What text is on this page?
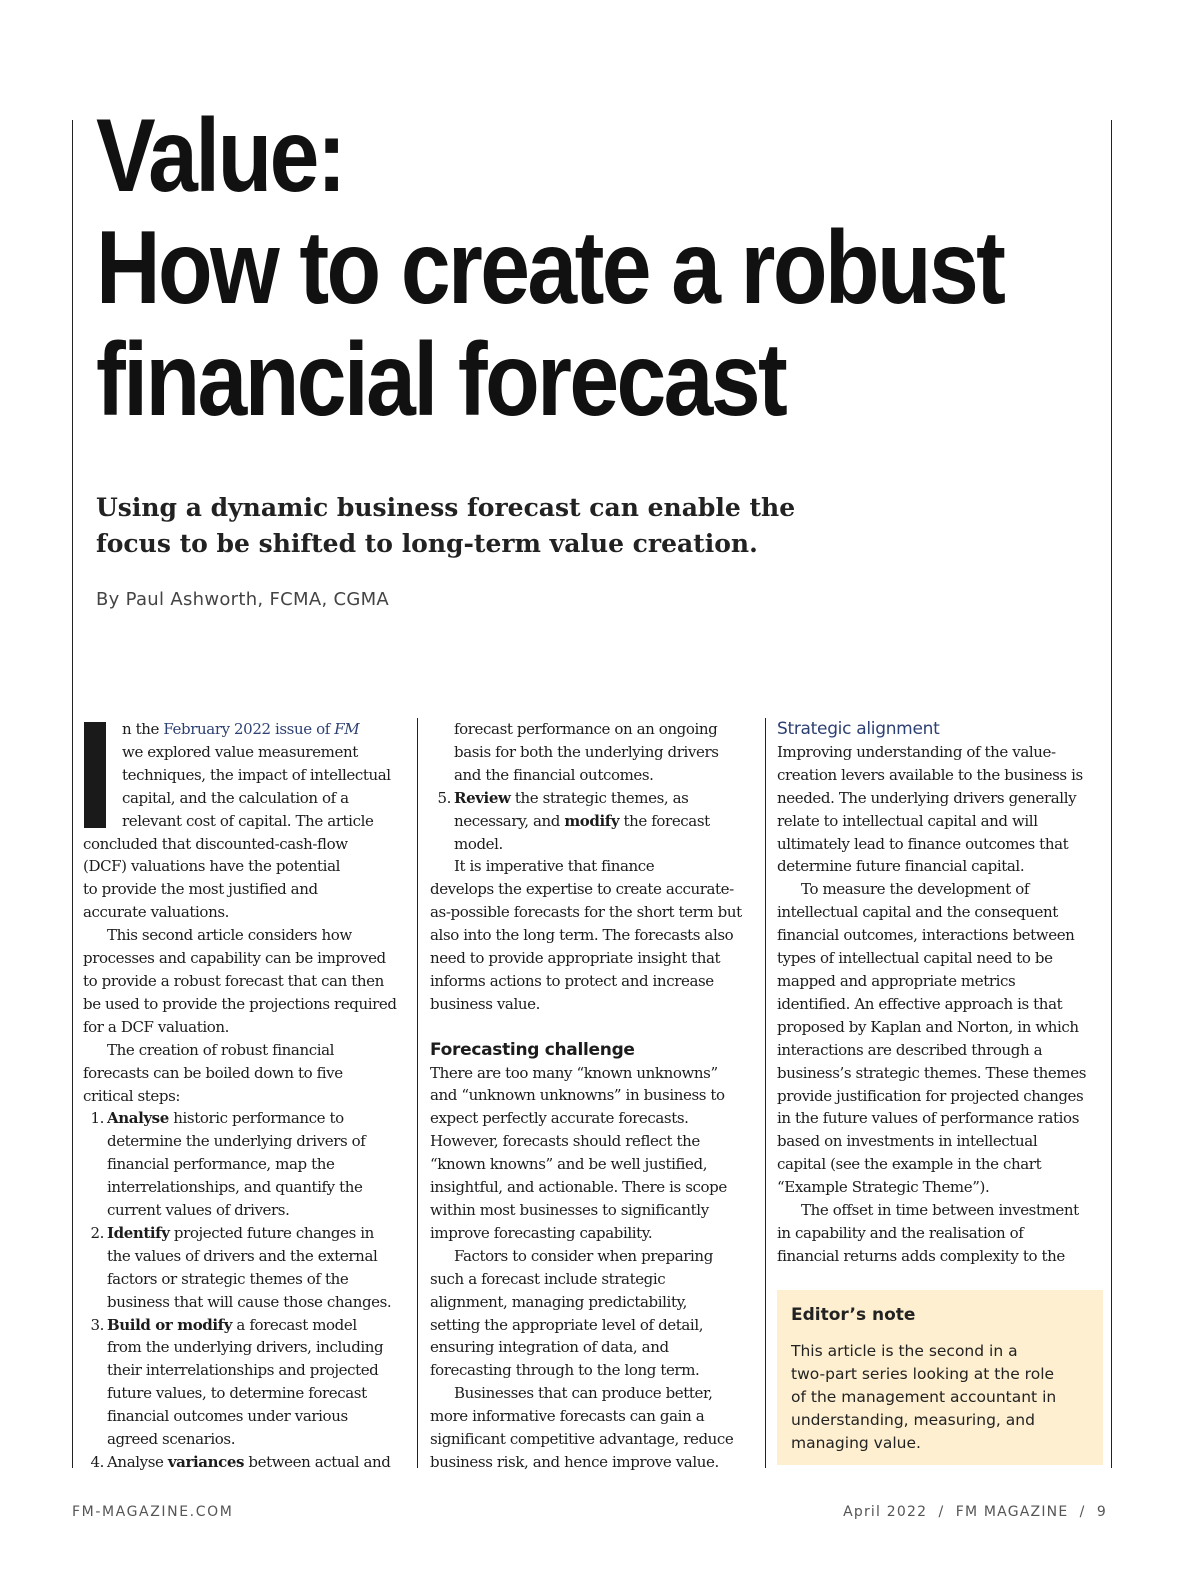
Value:
How to create a robust
financial forecast
Using a dynamic business forecast can enable the
focus to be shifted to long-term value creation.
By Paul Ashworth, FCMA, CGMA
n the February 2022 issue of FM
we explored value measurement
techniques, the impact of intellectual
capital, and the calculation of a
relevant cost of capital. The article
concluded that discounted-cash-flow
(DCF) valuations have the potential
to provide the most justified and
accurate valuations.
This second article considers how
processes and capability can be improved
to provide a robust forecast that can then
be used to provide the projections required
for a DCF valuation.
The creation of robust financial
forecasts can be boiled down to five
critical steps:
1. Analyse historic performance to
determine the underlying drivers of
financial performance, map the
interrelationships, and quantify the
current values of drivers.
2. Identify projected future changes in
the values of drivers and the external
factors or strategic themes of the
business that will cause those changes.
3. Build or modify a forecast model
from the underlying drivers, including
their interrelationships and projected
future values, to determine forecast
financial outcomes under various
agreed scenarios.
4. Analyse variances between actual and
forecast performance on an ongoing
basis for both the underlying drivers
and the financial outcomes.
5. Review the strategic themes, as
necessary, and modify the forecast
model.
It is imperative that finance
develops the expertise to create accurate-
as-possible forecasts for the short term but
also into the long term. The forecasts also
need to provide appropriate insight that
informs actions to protect and increase
business value.
Forecasting challenge
There are too many “known unknowns”
and “unknown unknowns” in business to
expect perfectly accurate forecasts.
However, forecasts should reflect the
“known knowns” and be well justified,
insightful, and actionable. There is scope
within most businesses to significantly
improve forecasting capability.
Factors to consider when preparing
such a forecast include strategic
alignment, managing predictability,
setting the appropriate level of detail,
ensuring integration of data, and
forecasting through to the long term.
Businesses that can produce better,
more informative forecasts can gain a
significant competitive advantage, reduce
business risk, and hence improve value.
Strategic alignment
Improving understanding of the value-
creation levers available to the business is
needed. The underlying drivers generally
relate to intellectual capital and will
ultimately lead to finance outcomes that
determine future financial capital.
To measure the development of
intellectual capital and the consequent
financial outcomes, interactions between
types of intellectual capital need to be
mapped and appropriate metrics
identified. An effective approach is that
proposed by Kaplan and Norton, in which
interactions are described through a
business’s strategic themes. These themes
provide justification for projected changes
in the future values of performance ratios
based on investments in intellectual
capital (see the example in the chart
“Example Strategic Theme”).
The offset in time between investment
in capability and the realisation of
financial returns adds complexity to the
Editor’s note
This article is the second in a
two-part series looking at the role
of the management accountant in
understanding, measuring, and
managing value.
FM-MAGAZINE.COM	April 2022  /  FM MAGAZINE  /  9
